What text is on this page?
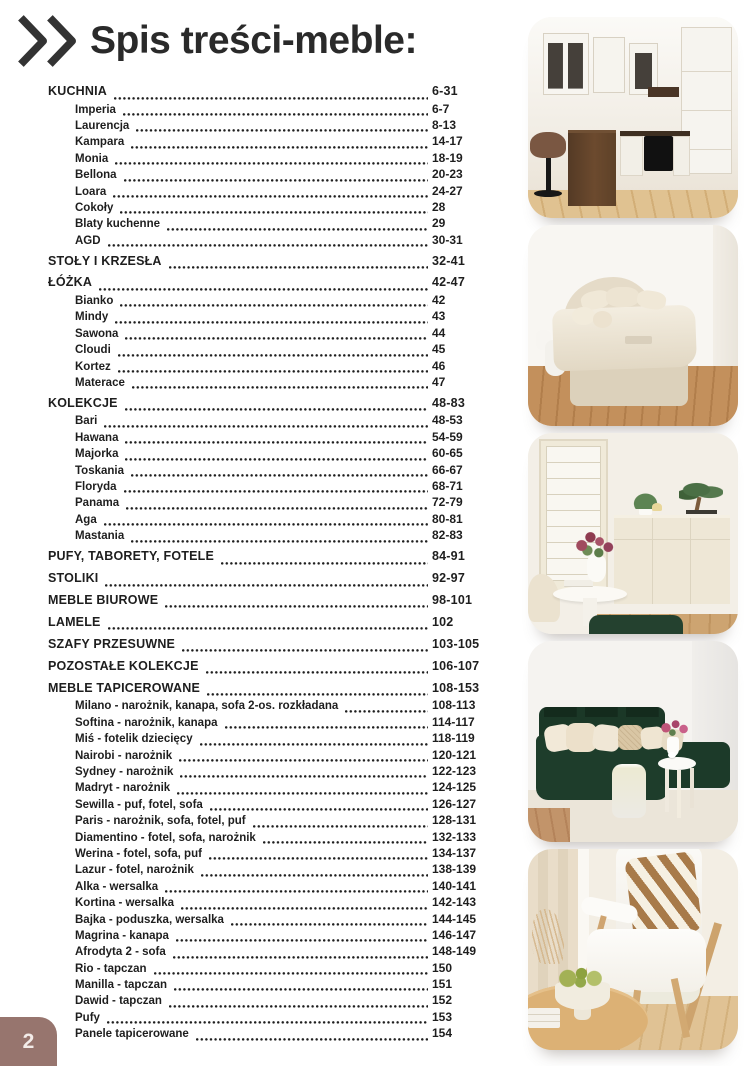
Spis treści-meble:
KUCHNIA	6-31
Imperia	6-7
Laurencja	8-13
Kampara	14-17
Monia	18-19
Bellona	20-23
Loara	24-27
Cokoły	28
Blaty kuchenne	29
AGD	30-31
STOŁY I KRZESŁA	32-41
ŁÓŻKA	42-47
Bianko	42
Mindy	43
Sawona	44
Cloudi	45
Kortez	46
Materace	47
KOLEKCJE	48-83
Bari	48-53
Hawana	54-59
Majorka	60-65
Toskania	66-67
Floryda	68-71
Panama	72-79
Aga	80-81
Mastania	82-83
PUFY, TABORETY, FOTELE	84-91
STOLIKI	92-97
MEBLE BIUROWE	98-101
LAMELE	102
SZAFY PRZESUWNE	103-105
POZOSTAŁE KOLEKCJE	106-107
MEBLE TAPICEROWANE	108-153
Milano - narożnik, kanapa, sofa 2-os. rozkładana	108-113
Softina - narożnik, kanapa	114-117
Miś - fotelik dziecięcy	118-119
Nairobi - narożnik	120-121
Sydney - narożnik	122-123
Madryt - narożnik	124-125
Sewilla - puf, fotel, sofa	126-127
Paris - narożnik, sofa, fotel, puf	128-131
Diamentino - fotel, sofa, narożnik	132-133
Werina - fotel, sofa, puf	134-137
Lazur - fotel, narożnik	138-139
Alka - wersalka	140-141
Kortina - wersalka	142-143
Bajka - poduszka, wersalka	144-145
Magrina - kanapa	146-147
Afrodyta 2 - sofa	148-149
Rio - tapczan	150
Manilla - tapczan	151
Dawid - tapczan	152
Pufy	153
Panele tapicerowane	154
2
